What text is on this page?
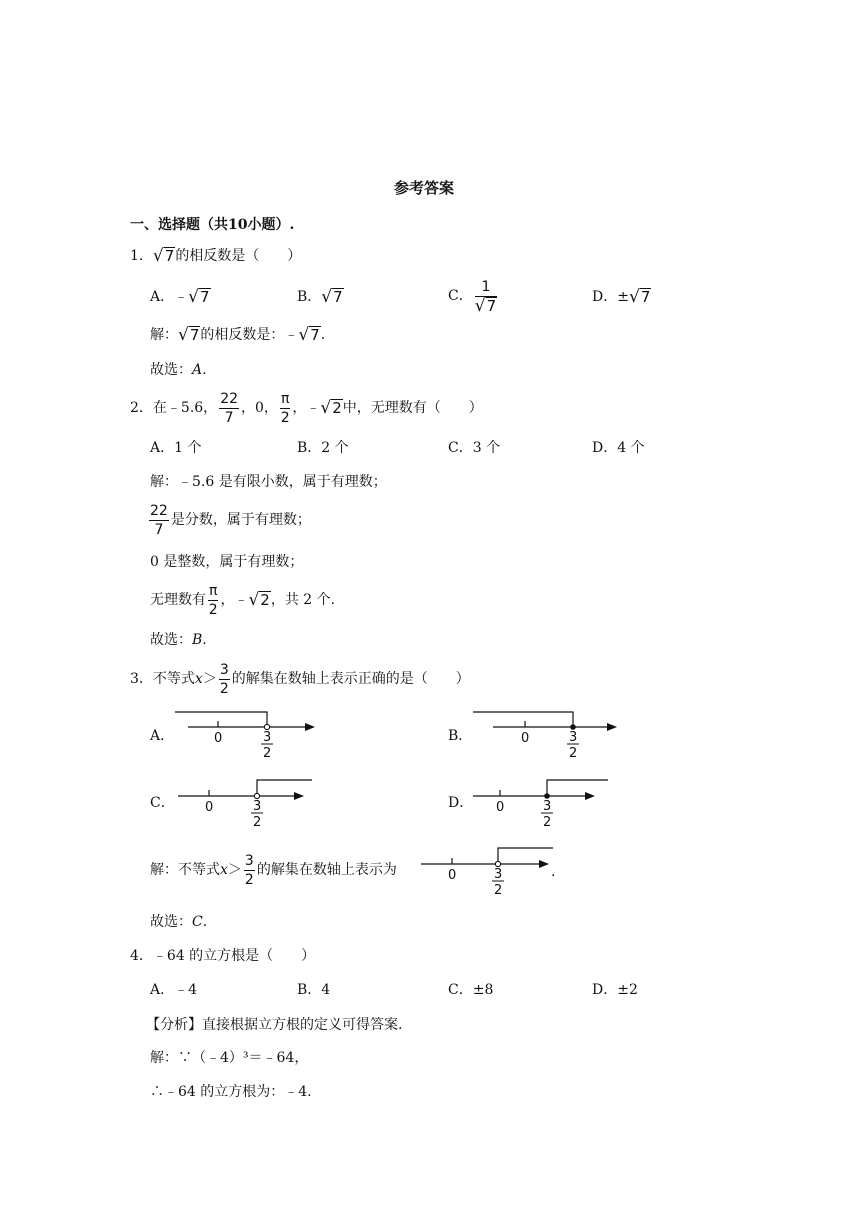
参考答案
一、选择题（共10小题）.
1． √ 7 的相反数是（　　）
A．﹣ √ 7	B． √ 7	C． $\frac{1}{√ 7}$	D．± √ 7
解： √ 7 的相反数是：﹣ √ 7 .
故选：A.
2．在﹣5.6， $\frac{22}{7}$ ，0， $\frac{\pi}{2}$ ，﹣ √ 2 中，无理数有（　　）
A．1 个	B．2 个	C．3 个	D．4 个
解：﹣5.6 是有限小数，属于有理数；
$\frac{22}{7}$ 是分数，属于有理数；
0 是整数，属于有理数；
无理数有 $\frac{\pi}{2}$ ，﹣ √ 2 ，共 2 个.
故选：B.
3．不等式$x> \frac{3}{2}$ 的解集在数轴上表示正确的是（　　）
A．	B．
C．	D．
0	3
2
0	3
2
0	3
2
0	3
2
解：不等式$x> \frac{3}{2}$ 的解集在数轴上表示为	0	3
2
.
故选：C.
4．﹣64 的立方根是（　　）
A．﹣4	B．4	C．±8	D．±2
【分析】直接根据立方根的定义可得答案.
解：∵（﹣4）³＝﹣64，
∴﹣64 的立方根为：﹣4.
